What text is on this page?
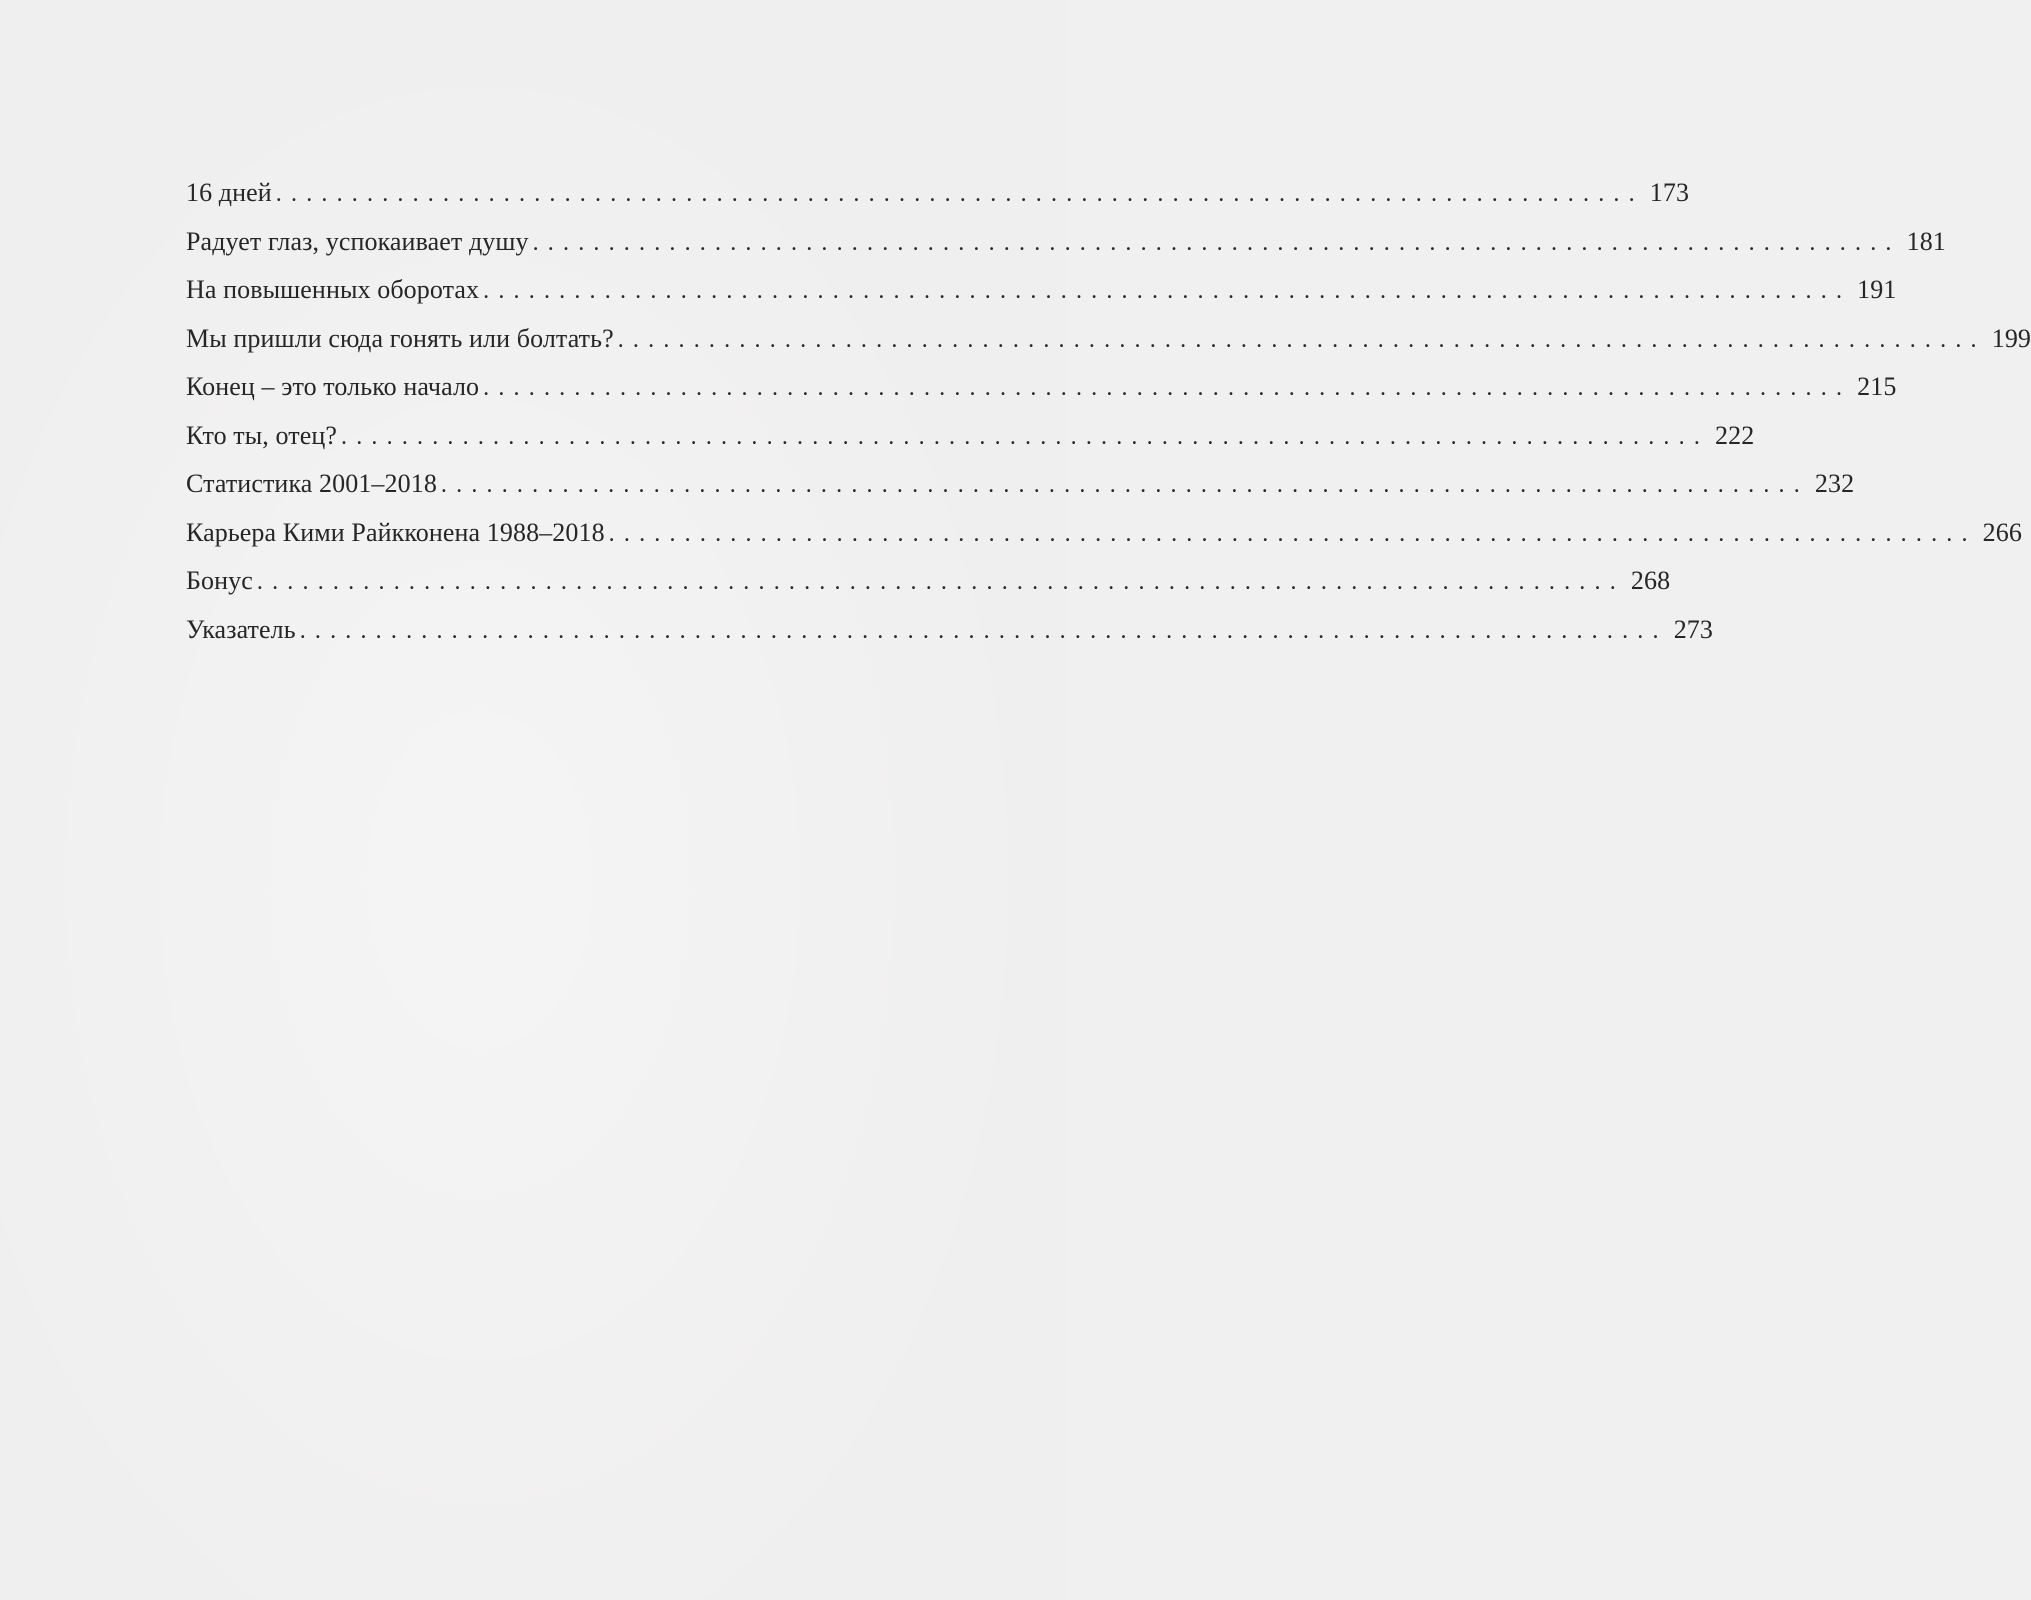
16 дней .......................................................................................... 173
Радует глаз, успокаивает душу .......................................................................................... 181
На повышенных оборотах .......................................................................................... 191
Мы пришли сюда гонять или болтать? .......................................................................................... 199
Конец – это только начало .......................................................................................... 215
Кто ты, отец? .......................................................................................... 222
Статистика 2001–2018 .......................................................................................... 232
Карьера Кими Райкконена 1988–2018 .......................................................................................... 266
Бонус .......................................................................................... 268
Указатель .......................................................................................... 273
